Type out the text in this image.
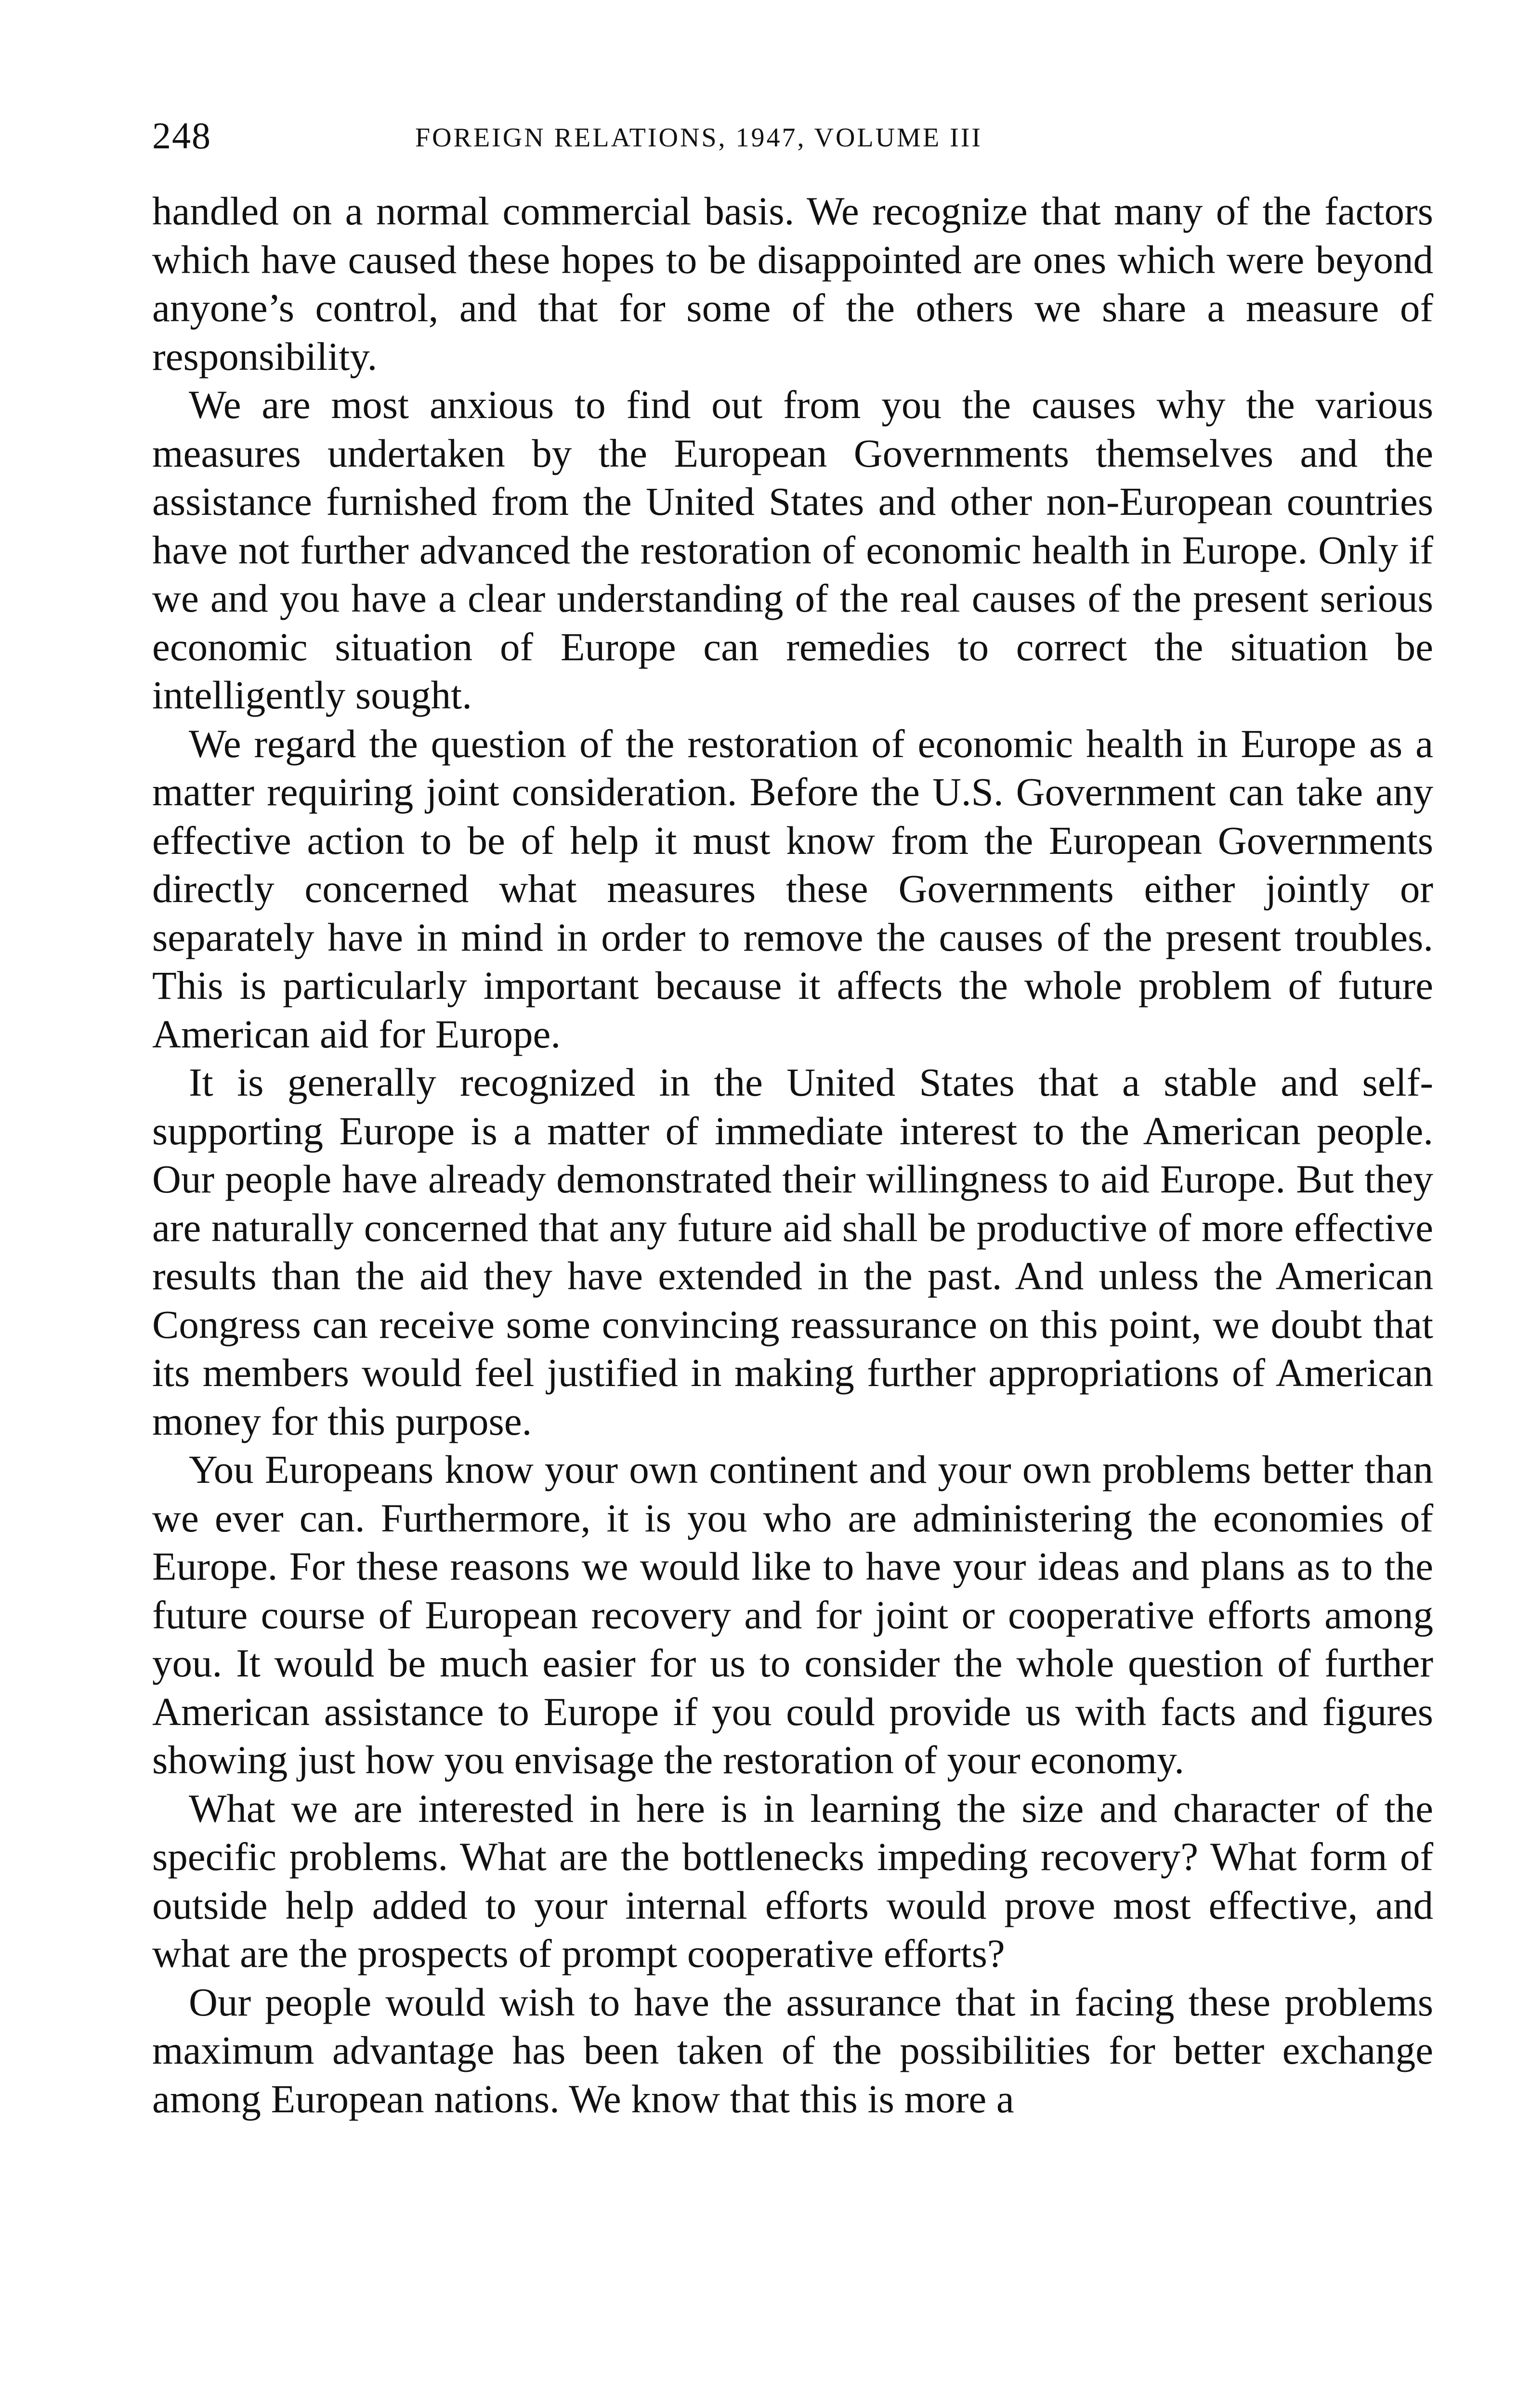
248	FOREIGN RELATIONS, 1947, VOLUME III

handled on a normal commercial basis. We recognize that many of the factors which have caused these hopes to be disappointed are ones which were beyond anyone’s control, and that for some of the others we share a measure of responsibility.

We are most anxious to find out from you the causes why the various measures undertaken by the European Governments themselves and the assistance furnished from the United States and other non-European countries have not further advanced the restoration of economic health in Europe. Only if we and you have a clear understanding of the real causes of the present serious economic situation of Europe can remedies to correct the situation be intelligently sought.

We regard the question of the restoration of economic health in Europe as a matter requiring joint consideration. Before the U.S. Government can take any effective action to be of help it must know from the European Governments directly concerned what measures these Governments either jointly or separately have in mind in order to remove the causes of the present troubles. This is particularly important because it affects the whole problem of future American aid for Europe.

It is generally recognized in the United States that a stable and self-supporting Europe is a matter of immediate interest to the American people. Our people have already demonstrated their willingness to aid Europe. But they are naturally concerned that any future aid shall be productive of more effective results than the aid they have extended in the past. And unless the American Congress can receive some convincing reassurance on this point, we doubt that its members would feel justified in making further appropriations of American money for this purpose.

You Europeans know your own continent and your own problems better than we ever can. Furthermore, it is you who are administering the economies of Europe. For these reasons we would like to have your ideas and plans as to the future course of European recovery and for joint or cooperative efforts among you. It would be much easier for us to consider the whole question of further American assistance to Europe if you could provide us with facts and figures showing just how you envisage the restoration of your economy.

What we are interested in here is in learning the size and character of the specific problems. What are the bottlenecks impeding recovery? What form of outside help added to your internal efforts would prove most effective, and what are the prospects of prompt cooperative efforts?

Our people would wish to have the assurance that in facing these problems maximum advantage has been taken of the possibilities for better exchange among European nations. We know that this is more a
